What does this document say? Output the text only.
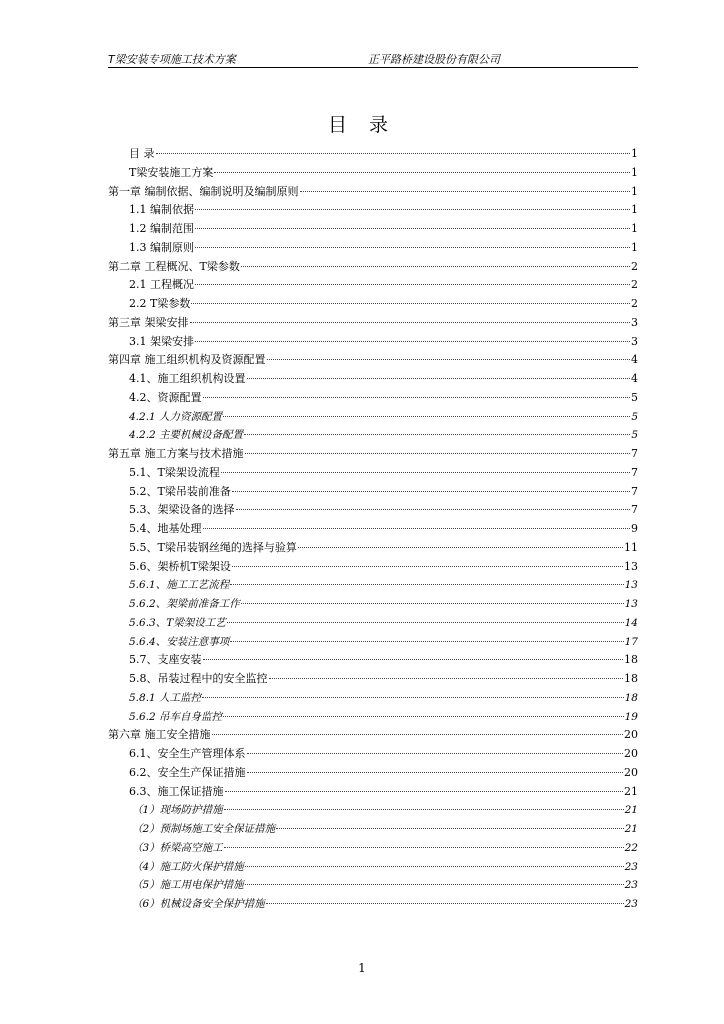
T梁安装专项施工技术方案	正平路桥建设股份有限公司
目 录
目 录	1
T梁安装施工方案	1
第一章 编制依据、编制说明及编制原则	1
1.1 编制依据	1
1.2 编制范围	1
1.3 编制原则	1
第二章 工程概况、T梁参数	2
2.1 工程概况	2
2.2 T梁参数	2
第三章 架梁安排	3
3.1 架梁安排	3
第四章 施工组织机构及资源配置	4
4.1、施工组织机构设置	4
4.2、资源配置	5
4.2.1 人力资源配置	5
4.2.2 主要机械设备配置	5
第五章 施工方案与技术措施	7
5.1、T梁架设流程	7
5.2、T梁吊装前准备	7
5.3、架梁设备的选择	7
5.4、地基处理	9
5.5、T梁吊装钢丝绳的选择与验算	11
5.6、架桥机T梁架设	13
5.6.1、施工工艺流程	13
5.6.2、架梁前准备工作	13
5.6.3、T梁架设工艺	14
5.6.4、安装注意事项	17
5.7、支座安装	18
5.8、吊装过程中的安全监控	18
5.8.1 人工监控	18
5.6.2 吊车自身监控	19
第六章 施工安全措施	20
6.1、安全生产管理体系	20
6.2、安全生产保证措施	20
6.3、施工保证措施	21
（1）现场防护措施	21
（2）预制场施工安全保证措施	21
（3）桥梁高空施工	22
（4）施工防火保护措施	23
（5）施工用电保护措施	23
（6）机械设备安全保护措施	23
1
